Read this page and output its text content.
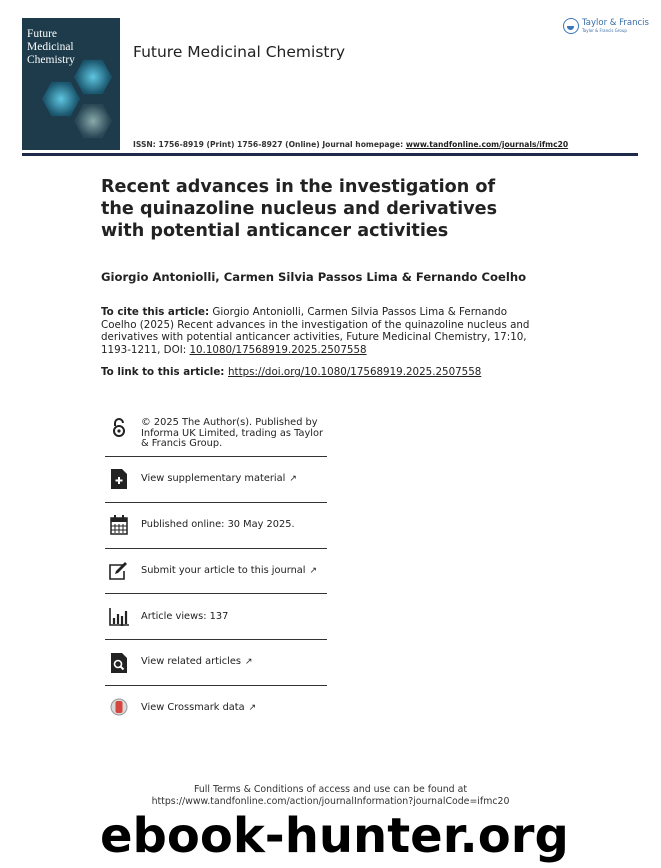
Future Medicinal Chemistry	Future Medicinal Chemistry
ISSN: 1756-8919 (Print) 1756-8927 (Online) Journal homepage: www.tandfonline.com/journals/ifmc20
Taylor & Francis
Taylor & Francis Group
Recent advances in the investigation of the quinazoline nucleus and derivatives with potential anticancer activities
Giorgio Antoniolli, Carmen Silvia Passos Lima & Fernando Coelho
To cite this article: Giorgio Antoniolli, Carmen Silvia Passos Lima & Fernando Coelho (2025) Recent advances in the investigation of the quinazoline nucleus and derivatives with potential anticancer activities, Future Medicinal Chemistry, 17:10, 1193-1211, DOI: 10.1080/17568919.2025.2507558
To link to this article: https://doi.org/10.1080/17568919.2025.2507558
© 2025 The Author(s). Published by Informa UK Limited, trading as Taylor & Francis Group.
View supplementary material ↗
Published online: 30 May 2025.
Submit your article to this journal ↗
Article views: 137
View related articles ↗
View Crossmark data ↗
Full Terms & Conditions of access and use can be found at
https://www.tandfonline.com/action/journalInformation?journalCode=ifmc20
ebook-hunter.org
